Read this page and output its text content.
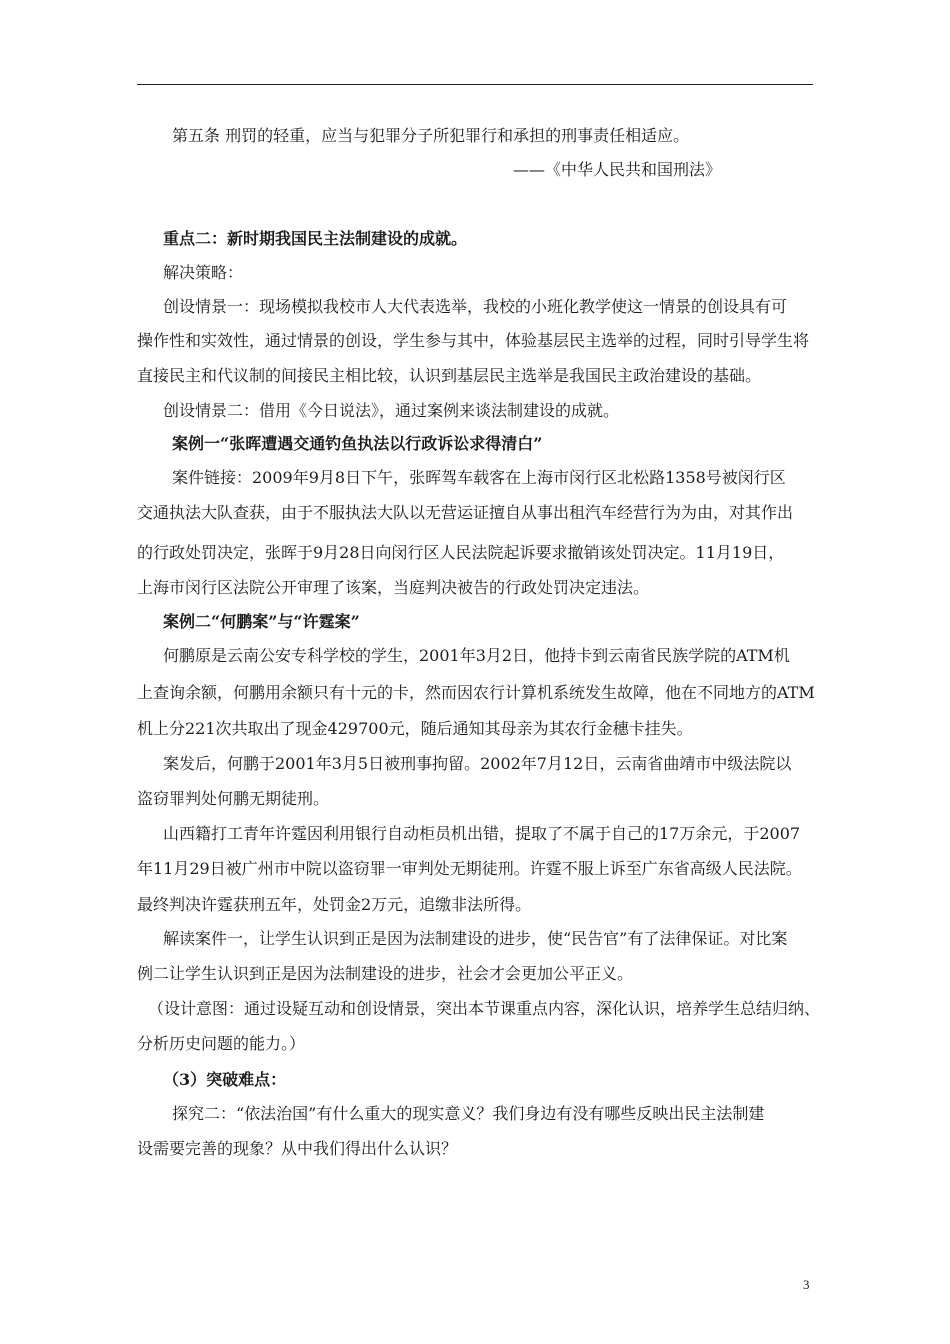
第五条 刑罚的轻重，应当与犯罪分子所犯罪行和承担的刑事责任相适应。
——《中华人民共和国刑法》
重点二：新时期我国民主法制建设的成就。
解决策略：
创设情景一：现场模拟我校市人大代表选举，我校的小班化教学使这一情景的创设具有可
操作性和实效性，通过情景的创设，学生参与其中，体验基层民主选举的过程，同时引导学生将
直接民主和代议制的间接民主相比较，认识到基层民主选举是我国民主政治建设的基础。
创设情景二：借用《今日说法》，通过案例来谈法制建设的成就。
案例一“张晖遭遇交通钓鱼执法以行政诉讼求得清白”
案件链接：2009年9月8日下午，张晖驾车载客在上海市闵行区北松路1358号被闵行区
交通执法大队查获，由于不服执法大队以无营运证擅自从事出租汽车经营行为为由，对其作出
的行政处罚决定，张晖于9月28日向闵行区人民法院起诉要求撤销该处罚决定。11月19日，
上海市闵行区法院公开审理了该案，当庭判决被告的行政处罚决定违法。
案例二“何鹏案”与“许霆案”
何鹏原是云南公安专科学校的学生，2001年3月2日，他持卡到云南省民族学院的ATM机
上查询余额，何鹏用余额只有十元的卡，然而因农行计算机系统发生故障，他在不同地方的ATM
机上分221次共取出了现金429700元，随后通知其母亲为其农行金穗卡挂失。
案发后，何鹏于2001年3月5日被刑事拘留。2002年7月12日，云南省曲靖市中级法院以
盗窃罪判处何鹏无期徒刑。
山西籍打工青年许霆因利用银行自动柜员机出错，提取了不属于自己的17万余元，于2007
年11月29日被广州市中院以盗窃罪一审判处无期徒刑。许霆不服上诉至广东省高级人民法院。
最终判决许霆获刑五年，处罚金2万元，追缴非法所得。
解读案件一，让学生认识到正是因为法制建设的进步，使“民告官”有了法律保证。对比案
例二让学生认识到正是因为法制建设的进步，社会才会更加公平正义。
（设计意图：通过设疑互动和创设情景，突出本节课重点内容，深化认识，培养学生总结归纳、
分析历史问题的能力。）
（3）突破难点：
探究二：“依法治国”有什么重大的现实意义？我们身边有没有哪些反映出民主法制建
设需要完善的现象？从中我们得出什么认识？
3
